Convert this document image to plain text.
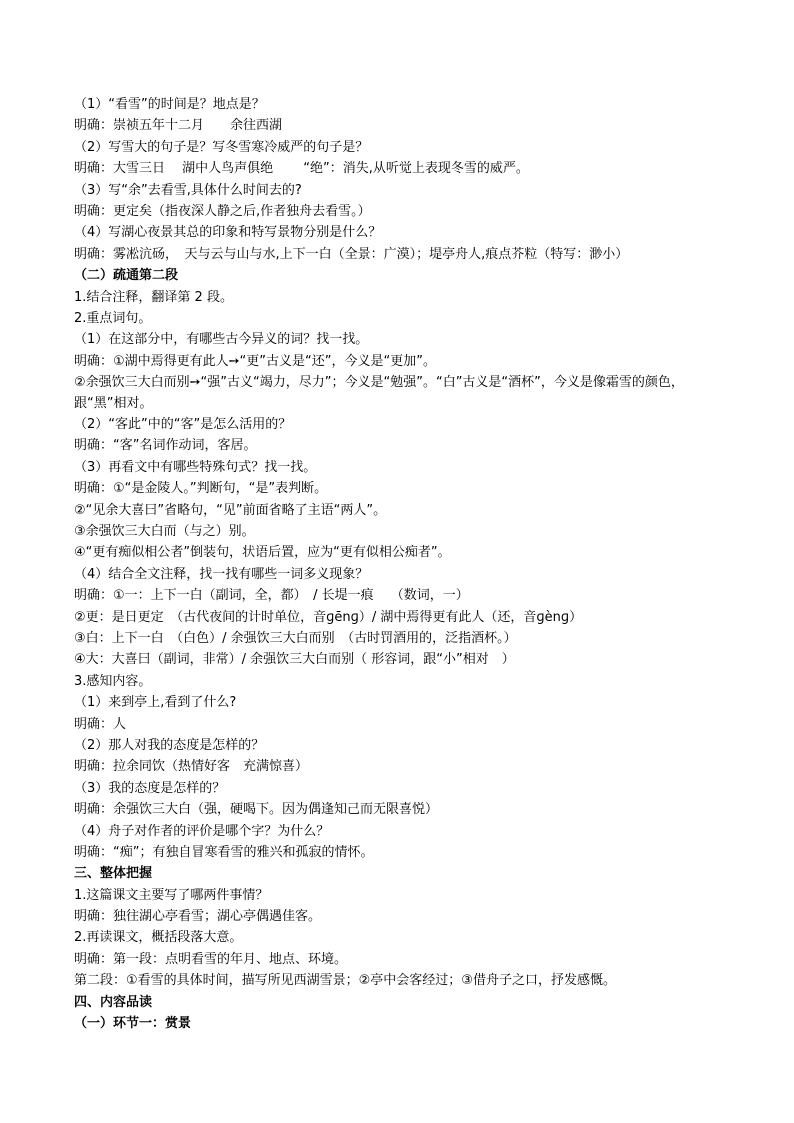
（1）“看雪”的时间是？地点是？
明确：崇祯五年十二月　　余往西湖
（2）写雪大的句子是？写冬雪寒冷威严的句子是？
明确：大雪三日　 湖中人鸟声俱绝　　 “绝”：消失,从听觉上表现冬雪的威严。
（3）写“余”去看雪,具体什么时间去的?
明确：更定矣（指夜深人静之后,作者独舟去看雪。）
（4）写湖心夜景其总的印象和特写景物分别是什么？
明确：雾凇沆砀，　天与云与山与水,上下一白（全景：广漠）；堤亭舟人,痕点芥粒（特写：渺小）
（二）疏通第二段
1.结合注释，翻译第 2 段。
2.重点词句。
（1）在这部分中，有哪些古今异义的词？找一找。
明确：①湖中焉得更有此人➙“更”古义是“还”，今义是“更加”。
②余强饮三大白而别➙“强”古义“竭力，尽力”；今义是“勉强”。“白”古义是“酒杯”，今义是像霜雪的颜色，跟“黑”相对。
（2）“客此”中的“客”是怎么活用的？
明确：“客”名词作动词，客居。
（3）再看文中有哪些特殊句式？找一找。
明确：①“是金陵人。”判断句，“是”表判断。
②“见余大喜曰”省略句，“见”前面省略了主语“两人”。
③余强饮三大白而（与之）别。
④“更有痴似相公者”倒装句，状语后置，应为“更有似相公痴者”。
（4）结合全文注释，找一找有哪些一词多义现象？
明确：①一：上下一白（副词，全，都）　/ 长堤一痕　 （数词，一）
②更：是日更定　（古代夜间的计时单位，音ɡēnɡ）/ 湖中焉得更有此人（还，音ɡènɡ）
③白：上下一白　（白色）/ 余强饮三大白而别　（古时罚酒用的，泛指酒杯。）
④大：大喜曰（副词，非常）/ 余强饮三大白而别（ 形容词，跟“小”相对　）
3.感知内容。
（1）来到亭上,看到了什么?
明确：人
（2）那人对我的态度是怎样的？
明确：拉余同饮（热情好客　充满惊喜）
（3）我的态度是怎样的？
明确：余强饮三大白（强，硬喝下。因为偶逢知己而无限喜悦）
（4）舟子对作者的评价是哪个字？为什么？
明确：“痴”；有独自冒寒看雪的雅兴和孤寂的情怀。
三、整体把握
1.这篇课文主要写了哪两件事情？
明确：独往湖心亭看雪；湖心亭偶遇佳客。
2.再读课文，概括段落大意。
明确：第一段：点明看雪的年月、地点、环境。
第二段：①看雪的具体时间，描写所见西湖雪景；②亭中会客经过；③借舟子之口，抒发感慨。
四、内容品读
（一）环节一：赏景
